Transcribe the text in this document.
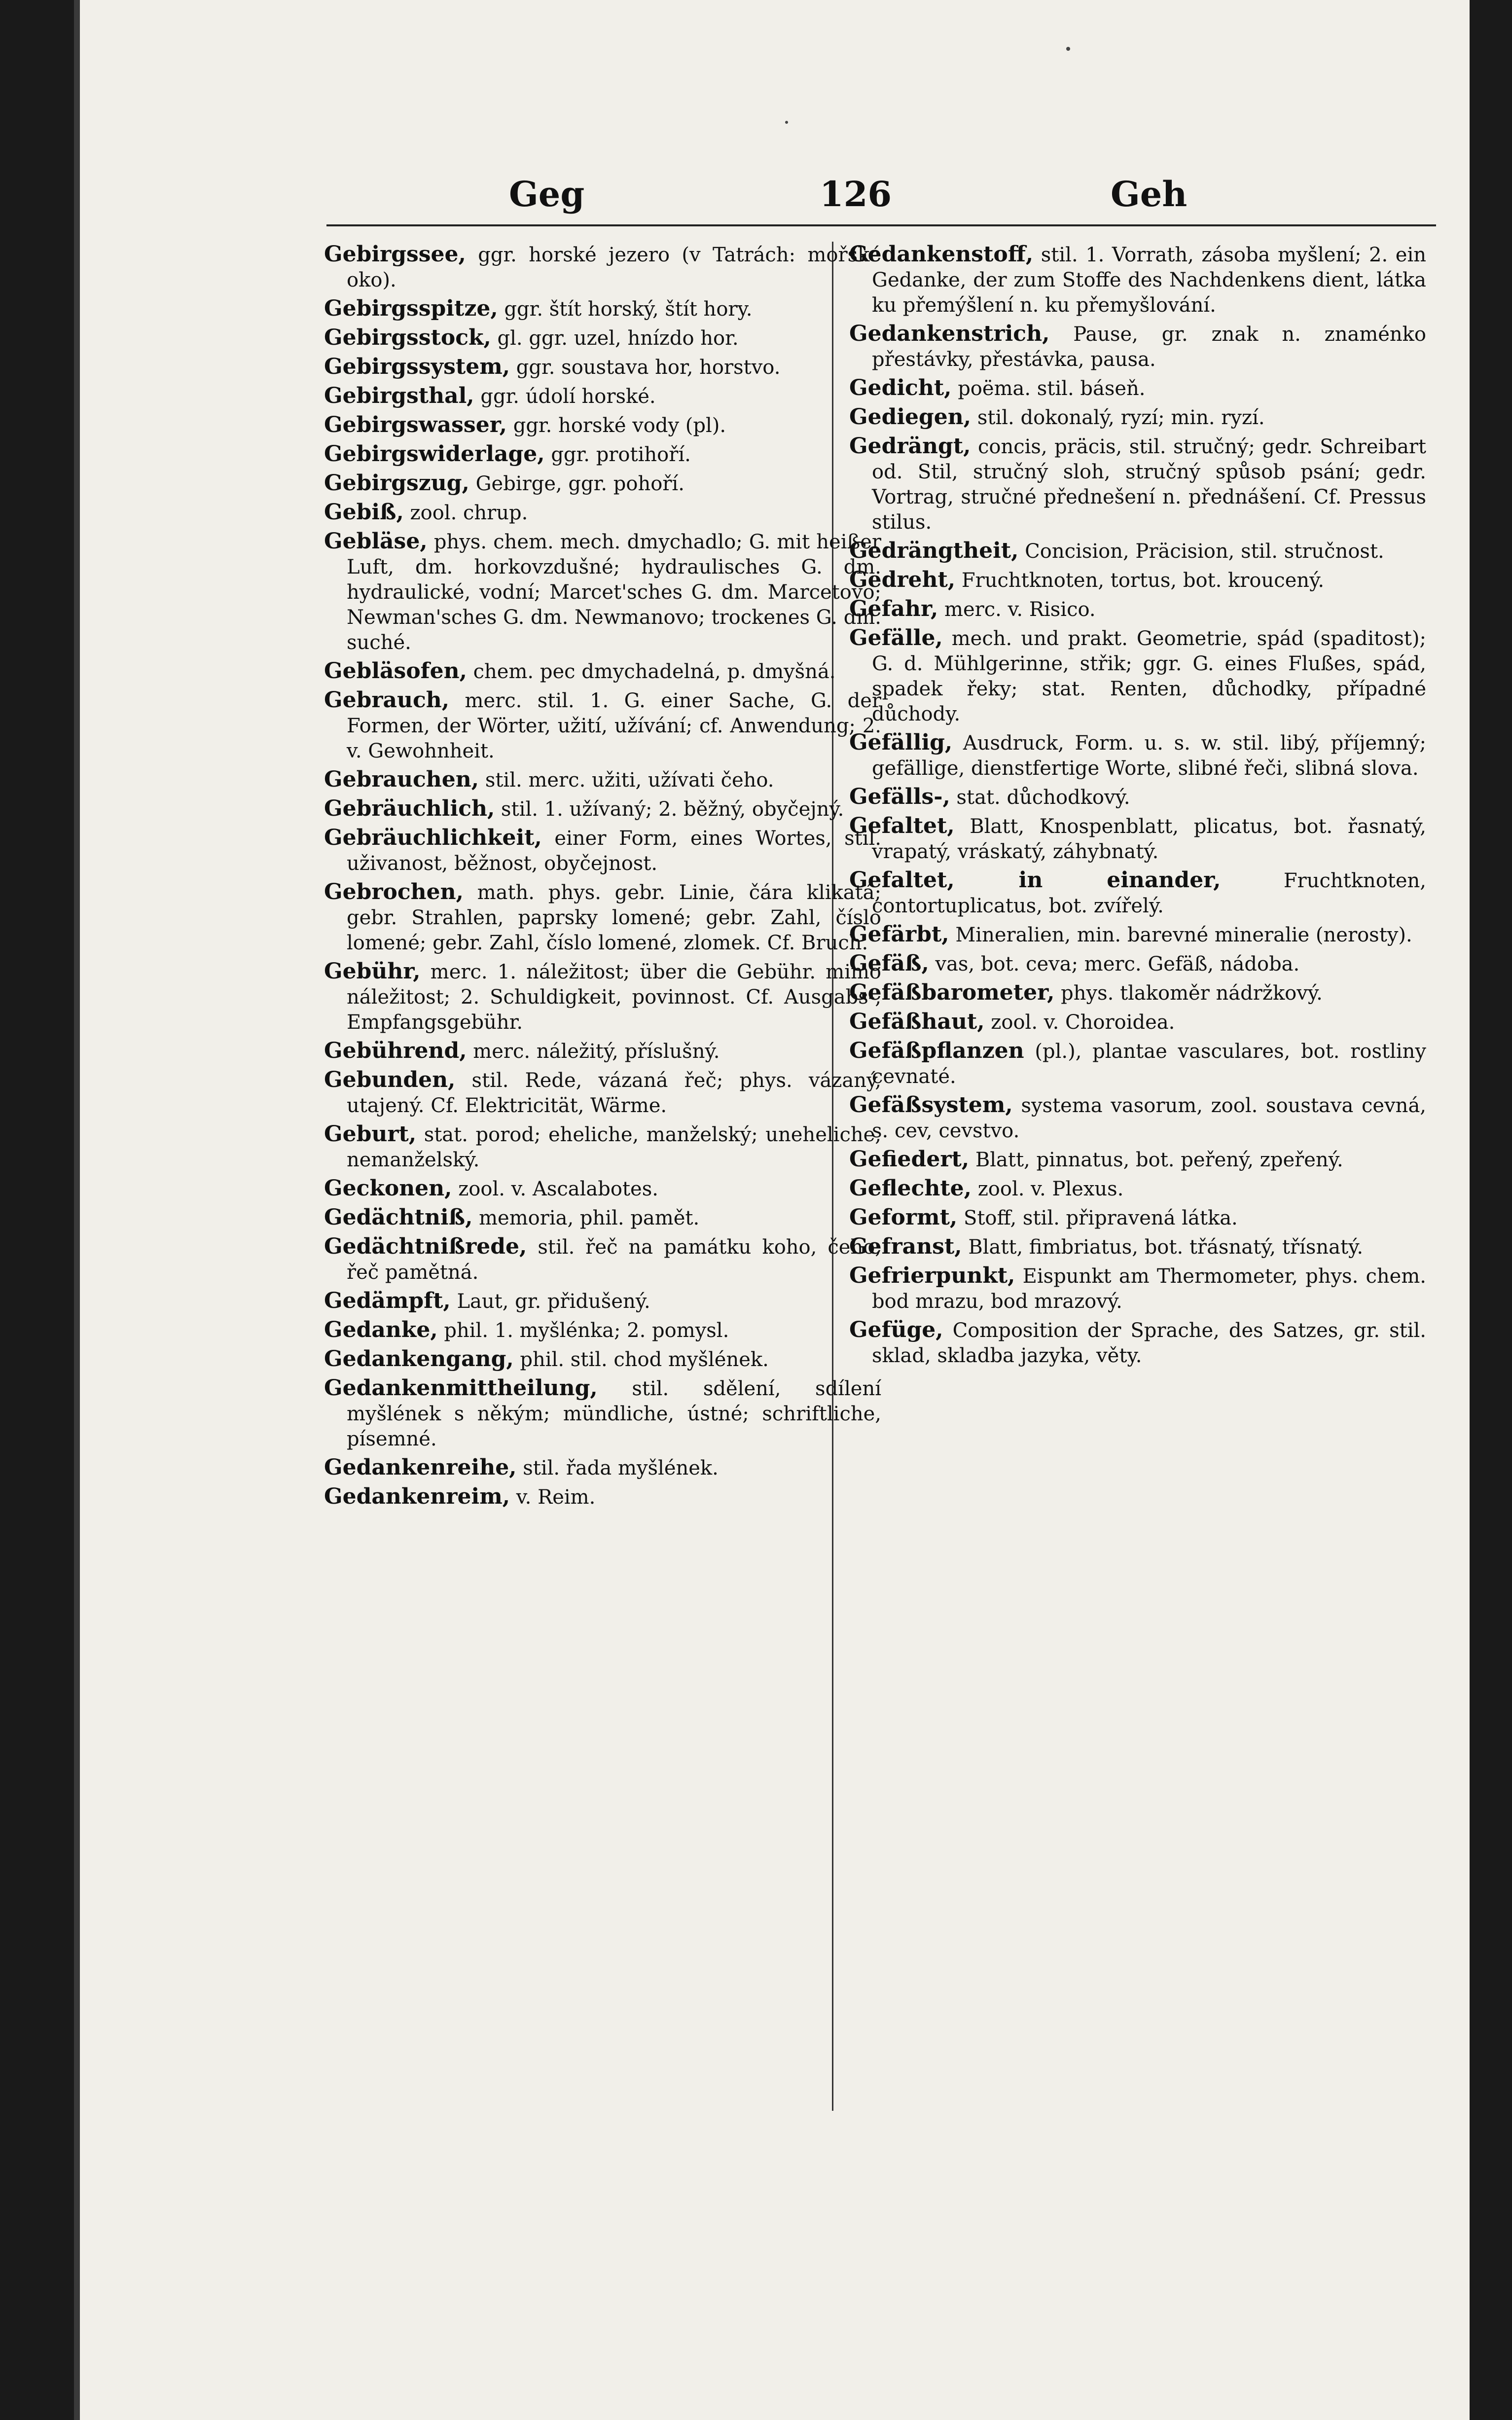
Geg	126	Geh

Gebirgssee, ggr. horské jezero (v Tatrách: mořské oko).

Gebirgsspitze, ggr. štít horský, štít hory.

Gebirgsstock, gl. ggr. uzel, hnízdo hor.

Gebirgssystem, ggr. soustava hor, horstvo.

Gebirgsthal, ggr. údolí horské.

Gebirgswasser, ggr. horské vody (pl).

Gebirgswiderlage, ggr. protihoří.

Gebirgszug, Gebirge, ggr. pohoří.

Gebiß, zool. chrup.

Gebläse, phys. chem. mech. dmychadlo; G. mit heißer Luft, dm. horkovzdušné; hydraulisches G. dm. hydraulické, vodní; Marcet'sches G. dm. Marcetovo; Newman'sches G. dm. Newmanovo; trockenes G. dm. suché.

Gebläsofen, chem. pec dmychadelná, p. dmyšná.

Gebrauch, merc. stil. 1. G. einer Sache, G. der Formen, der Wörter, užití, užívání; cf. Anwendung; 2. v. Gewohnheit.

Gebrauchen, stil. merc. užiti, užívati čeho.

Gebräuchlich, stil. 1. užívaný; 2. běžný, obyčejný.

Gebräuchlichkeit, einer Form, eines Wortes, stil. uživanost, běžnost, obyčejnost.

Gebrochen, math. phys. gebr. Linie, čára klikatá; gebr. Strahlen, paprsky lomené; gebr. Zahl, číslo lomené; gebr. Zahl, číslo lomené, zlomek. Cf. Bruch.

Gebühr, merc. 1. náležitost; über die Gebühr. mimo náležitost; 2. Schuldigkeit, povinnost. Cf. Ausgabs-, Empfangsgebühr.

Gebührend, merc. náležitý, příslušný.

Gebunden, stil. Rede, vázaná řeč; phys. vázaný, utajený. Cf. Elektricität, Wärme.

Geburt, stat. porod; eheliche, manželský; uneheliche, nemanželský.

Geckonen, zool. v. Ascalabotes.

Gedächtniß, memoria, phil. pamět.

Gedächtnißrede, stil. řeč na památku koho, čeho, řeč pamětná.

Gedämpft, Laut, gr. přidušený.

Gedanke, phil. 1. myšlénka; 2. pomysl.

Gedankengang, phil. stil. chod myšlének.

Gedankenmittheilung, stil. sdělení, sdílení myšlének s někým; mündliche, ústné; schriftliche, písemné.

Gedankenreihe, stil. řada myšlének.

Gedankenreim, v. Reim.

Gedankenstoff, stil. 1. Vorrath, zásoba myšlení; 2. ein Gedanke, der zum Stoffe des Nachdenkens dient, látka ku přemýšlení n. ku přemyšlování.

Gedankenstrich, Pause, gr. znak n. znaménko přestávky, přestávka, pausa.

Gedicht, poëma. stil. báseň.

Gediegen, stil. dokonalý, ryzí; min. ryzí.

Gedrängt, concis, präcis, stil. stručný; gedr. Schreibart od. Stil, stručný sloh, stručný spůsob psání; gedr. Vortrag, stručné přednešení n. přednášení. Cf. Pressus stilus.

Gedrängtheit, Concision, Präcision, stil. stručnost.

Gedreht, Fruchtknoten, tortus, bot. kroucený.

Gefahr, merc. v. Risico.

Gefälle, mech. und prakt. Geometrie, spád (spaditost); G. d. Mühlgerinne, střik; ggr. G. eines Flußes, spád, spadek řeky; stat. Renten, důchodky, případné důchody.

Gefällig, Ausdruck, Form. u. s. w. stil. libý, příjemný; gefällige, dienstfertige Worte, slibné řeči, slibná slova.

Gefälls-, stat. důchodkový.

Gefaltet, Blatt, Knospenblatt, plicatus, bot. řasnatý, vrapatý, vráskatý, záhybnatý.

Gefaltet, in einander,	Fruchtknoten, contortuplicatus, bot. zvířelý.

Gefärbt, Mineralien, min. barevné mineralie (nerosty).

Gefäß, vas, bot. ceva; merc. Gefäß, nádoba.

Gefäßbarometer, phys. tlakoměr nádržkový.

Gefäßhaut, zool. v. Choroidea.

Gefäßpflanzen (pl.), plantae vasculares, bot. rostliny cevnaté.

Gefäßsystem, systema vasorum, zool. soustava cevná, s. cev, cevstvo.

Gefiedert, Blatt, pinnatus, bot. peřený, zpeřený.

Geflechte, zool. v. Plexus.

Geformt, Stoff, stil. připravená látka.

Gefranst, Blatt, fimbriatus, bot. třásnatý, třísnatý.

Gefrierpunkt, Eispunkt am Thermometer, phys. chem. bod mrazu, bod mrazový.

Gefüge, Composition der Sprache, des Satzes, gr. stil. sklad, skladba jazyka, věty.
